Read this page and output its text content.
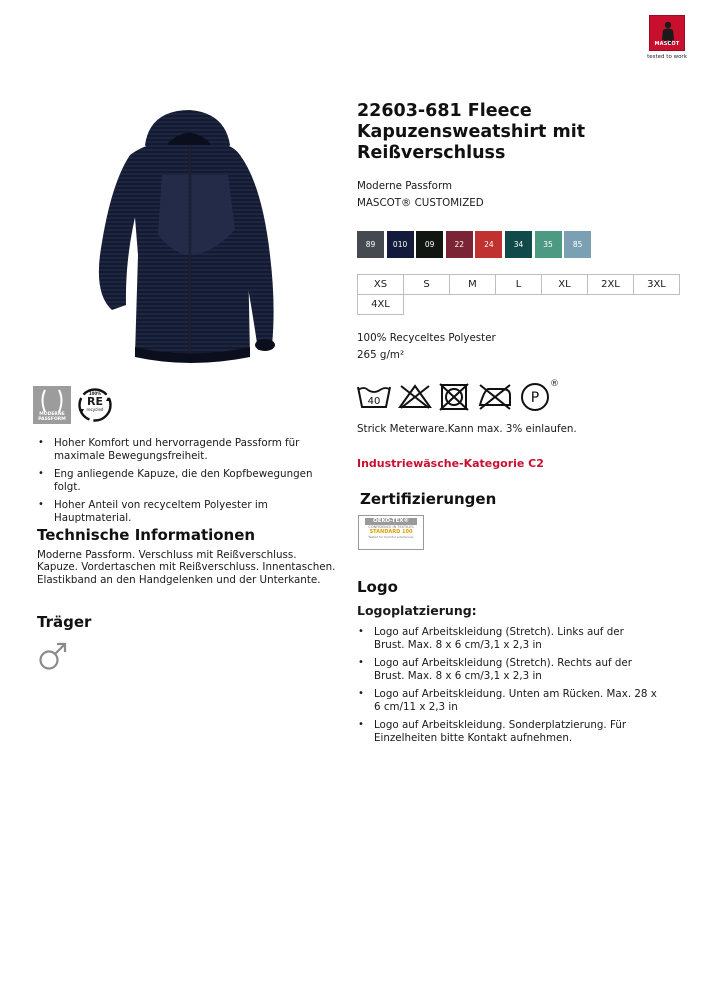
MASCOT
tested to work
MODERNE
PASSFORM
100%
RE
recycled
• Hoher Komfort und hervorragende Passform für maximale Bewegungsfreiheit.
• Eng anliegende Kapuze, die den Kopfbewegungen folgt.
• Hoher Anteil von recyceltem Polyester im Hauptmaterial.
Technische Informationen
Moderne Passform. Verschluss mit Reißverschluss. Kapuze. Vordertaschen mit Reißverschluss. Innentaschen. Elastikband an den Handgelenken und der Unterkante.
Träger
22603-681 Fleece Kapuzensweatshirt mit Reißverschluss
Moderne Passform
MASCOT® CUSTOMIZED
89	010	09	22	24	34	35	85
XS	S	M	L	XL	2XL	3XL
4XL
100% Recyceltes Polyester
265 g/m²
40	P
®
Strick Meterware.Kann max. 3% einlaufen.
Industriewäsche-Kategorie C2
Zertifizierungen
OEKO-TEX®
CONFIDENCE IN TEXTILES
STANDARD 100
Tested for harmful substances
Logo
Logoplatzierung:
• Logo auf Arbeitskleidung (Stretch). Links auf der Brust. Max. 8 x 6 cm/3,1 x 2,3 in
• Logo auf Arbeitskleidung (Stretch). Rechts auf der Brust. Max. 8 x 6 cm/3,1 x 2,3 in
• Logo auf Arbeitskleidung. Unten am Rücken. Max. 28 x 6 cm/11 x 2,3 in
• Logo auf Arbeitskleidung. Sonderplatzierung. Für Einzelheiten bitte Kontakt aufnehmen.
